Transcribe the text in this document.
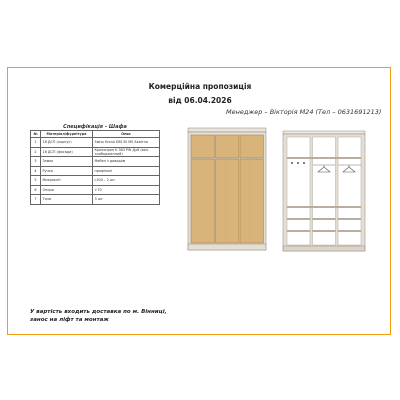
Комерційна пропозиція
від 06.04.2026
Менеджер – Вікторія М24 (Тел – 0631691213)
Специфікація – Шафа
№	Матеріал/фурнітура	Опис
1	18 ДСП (корпус)	Swiss Krono D8130 MS Аквітна
2	18 ДСП (фасади)	Кронопран K 363 PW Дуб (вен. трибоджанний)
3	Замок	Мебел з доводом
4	Ручки	профільні
5	Микрокліт	L300 – 2 шт
6	Опори	+70
7	Топи	3 шт
У вартість входить доставка по м. Вінниці,
занос на ліфт та монтаж
